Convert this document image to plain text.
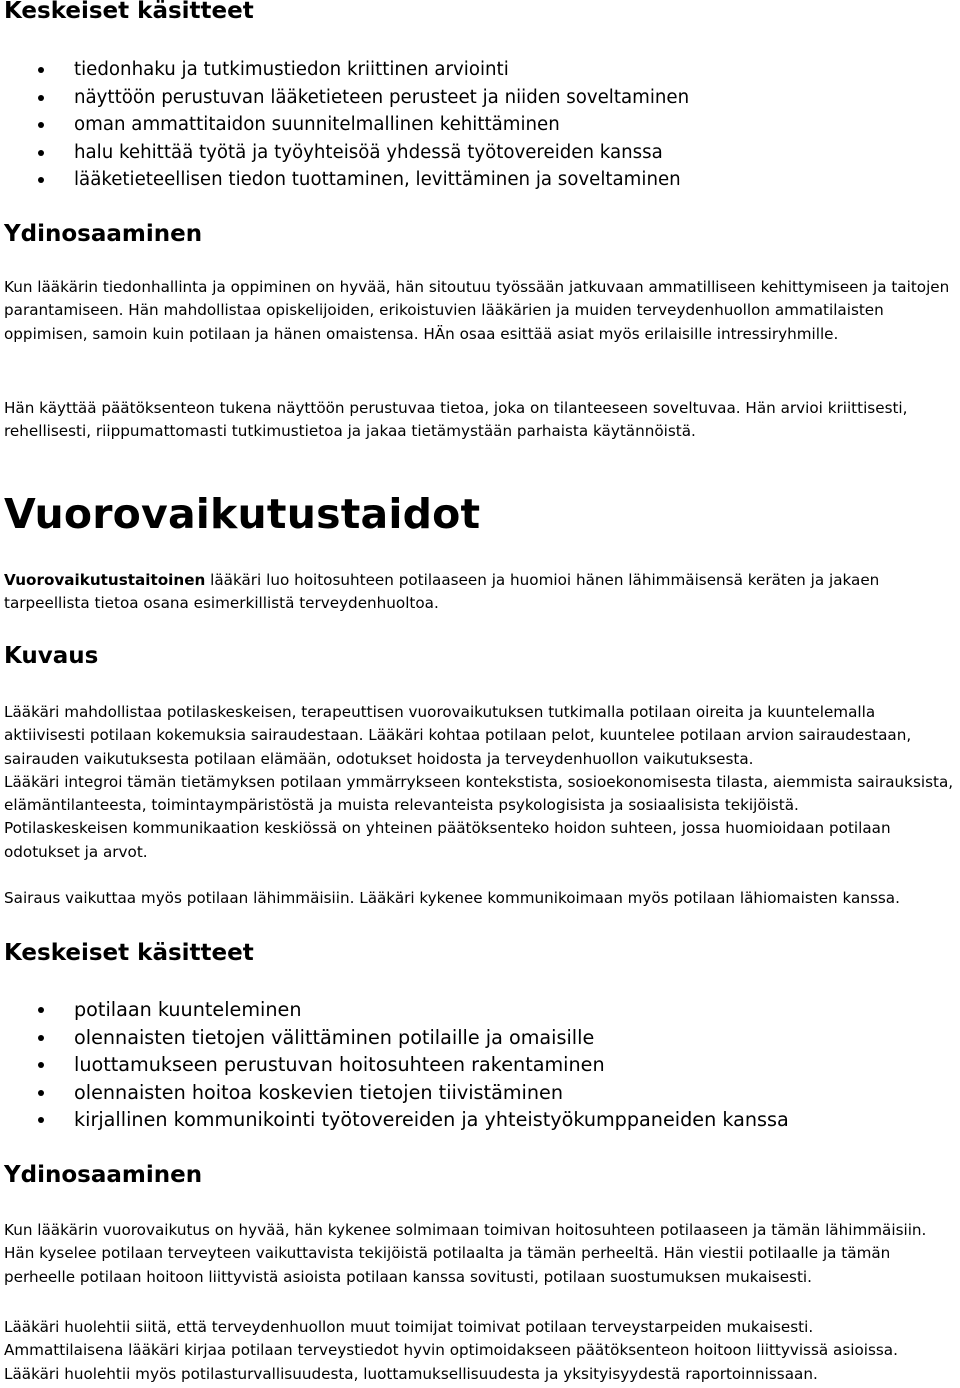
Keskeiset käsitteet
tiedonhaku ja tutkimustiedon kriittinen arviointi
näyttöön perustuvan lääketieteen perusteet ja niiden soveltaminen
oman ammattitaidon suunnitelmallinen kehittäminen
halu kehittää työtä ja työyhteisöä yhdessä työtovereiden kanssa
lääketieteellisen tiedon tuottaminen, levittäminen ja soveltaminen
Ydinosaaminen

Kun lääkärin tiedonhallinta ja oppiminen on hyvää, hän sitoutuu työssään jatkuvaan ammatilliseen kehittymiseen ja taitojen parantamiseen. Hän mahdollistaa opiskelijoiden, erikoistuvien lääkärien ja muiden terveydenhuollon ammatilaisten oppimisen, samoin kuin potilaan ja hänen omaistensa. HÄn osaa esittää asiat myös erilaisille intressiryhmille.

Hän käyttää päätöksenteon tukena näyttöön perustuvaa tietoa, joka on tilanteeseen soveltuvaa. Hän arvioi kriittisesti, rehellisesti, riippumattomasti tutkimustietoa ja jakaa tietämystään parhaista käytännöistä.

Vuorovaikutustaidot

Vuorovaikutustaitoinen lääkäri luo hoitosuhteen potilaaseen ja huomioi hänen lähimmäisensä keräten ja jakaen tarpeellista tietoa osana esimerkillistä terveydenhuoltoa.

Kuvaus

Lääkäri mahdollistaa potilaskeskeisen, terapeuttisen vuorovaikutuksen tutkimalla potilaan oireita ja kuuntelemalla aktiivisesti potilaan kokemuksia sairaudestaan. Lääkäri kohtaa potilaan pelot, kuuntelee potilaan arvion sairaudestaan, sairauden vaikutuksesta potilaan elämään, odotukset hoidosta ja terveydenhuollon vaikutuksesta.

Lääkäri integroi tämän tietämyksen potilaan ymmärrykseen kontekstista, sosioekonomisesta tilasta, aiemmista sairauksista, elämäntilanteesta, toimintaympäristöstä ja muista relevanteista psykologisista ja sosiaalisista tekijöistä.

Potilaskeskeisen kommunikaation keskiössä on yhteinen päätöksenteko hoidon suhteen, jossa huomioidaan potilaan odotukset ja arvot.

Sairaus vaikuttaa myös potilaan lähimmäisiin. Lääkäri kykenee kommunikoimaan myös potilaan lähiomaisten kanssa.

Keskeiset käsitteet
potilaan kuunteleminen
olennaisten tietojen välittäminen potilaille ja omaisille
luottamukseen perustuvan hoitosuhteen rakentaminen
olennaisten hoitoa koskevien tietojen tiivistäminen
kirjallinen kommunikointi työtovereiden ja yhteistyökumppaneiden kanssa
Ydinosaaminen

Kun lääkärin vuorovaikutus on hyvää, hän kykenee solmimaan toimivan hoitosuhteen potilaaseen ja tämän lähimmäisiin. Hän kyselee potilaan terveyteen vaikuttavista tekijöistä potilaalta ja tämän perheeltä. Hän viestii potilaalle ja tämän perheelle potilaan hoitoon liittyvistä asioista potilaan kanssa sovitusti, potilaan suostumuksen mukaisesti.

Lääkäri huolehtii siitä, että terveydenhuollon muut toimijat toimivat potilaan terveystarpeiden mukaisesti.

Ammattilaisena lääkäri kirjaa potilaan terveystiedot hyvin optimoidakseen päätöksenteon hoitoon liittyvissä asioissa.

Lääkäri huolehtii myös potilasturvallisuudesta, luottamuksellisuudesta ja yksityisyydestä raportoinnissaan.
